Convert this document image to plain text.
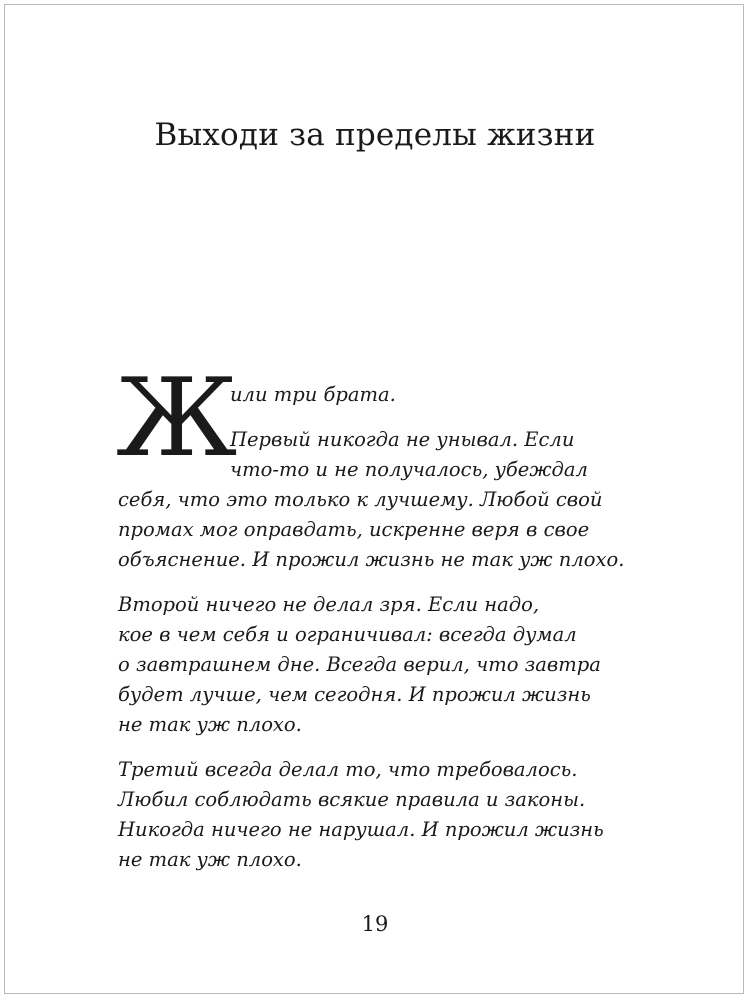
Выходи за пределы жизни
Ж

или три брата.

Первый никогда не унывал. Если

что-то и не получалось, убеждал

себя, что это только к лучшему. Любой свой

промах мог оправдать, искренне веря в свое

объяснение. И прожил жизнь не так уж плохо.

Второй ничего не делал зря. Если надо,

кое в чем себя и ограничивал: всегда думал

о завтрашнем дне. Всегда верил, что завтра

будет лучше, чем сегодня. И прожил жизнь

не так уж плохо.

Третий всегда делал то, что требовалось.

Любил соблюдать всякие правила и законы.

Никогда ничего не нарушал. И прожил жизнь

не так уж плохо.

19
